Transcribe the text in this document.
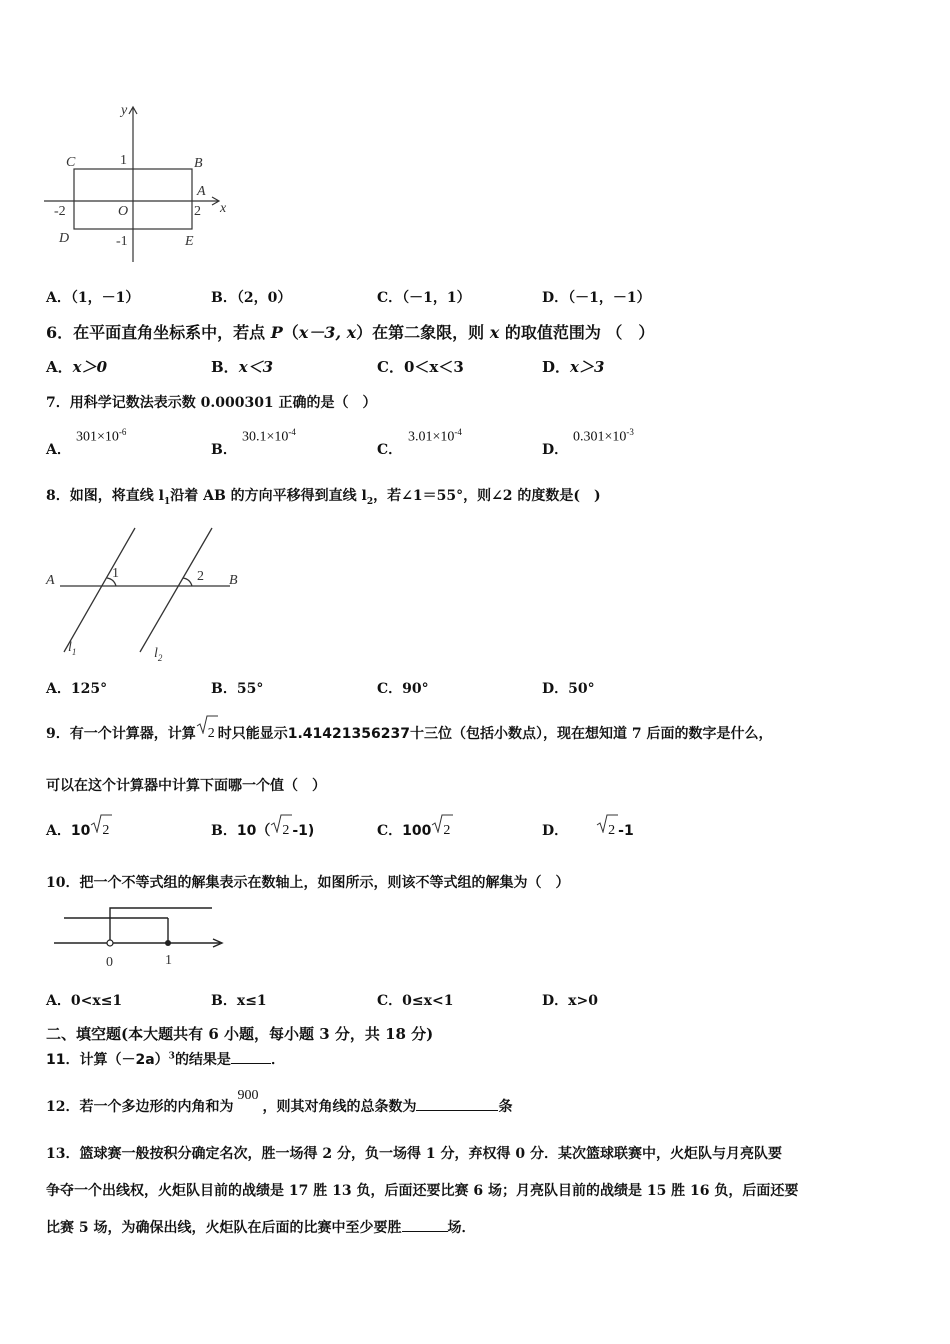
y
x
C	B
A
O
D	E
1
-2	2
-1
A．（1，－1）	B．（2，0）	C．（－1，1）	D．（－1，－1）
6．在平面直角坐标系中，若点 P（x－3, x）在第二象限，则 x 的取值范围为 （　）
A．x＞0	B．x＜3	C．0＜x＜3	D．x＞3
7．用科学记数法表示数 0.000301 正确的是（　）
A．
$301\times 10^{-6}$
B．
$30.1\times 10^{-4}$
C．
$3.01\times 10^{-4}$
D．
$0.301\times 10^{-3}$
8．如图，将直线 $l_1$沿着 AB 的方向平移得到直线 $l_2$，若∠1＝55°，则∠2 的度数是(　)
A	B
1	2
$l_1$	$l_2$
A．125°	B．55°	C．90°	D．50°
9．有一个计算器，计算 2 时只能显示1.41421356237十三位（包括小数点），现在想知道 7 后面的数字是什么，
可以在这个计算器中计算下面哪一个值（　）
A．10 2	B．10（ 2 -1)	C．100 2	D．	2 -1
10．把一个不等式组的解集表示在数轴上，如图所示，则该不等式组的解集为（　）
0	1
A．0<x≤1	B．x≤1	C．0≤x<1	D．x>0
二、填空题(本大题共有 6 小题，每小题 3 分，共 18 分)
11．计算$(-2a)^3$的结果是	．
12．若一个多边形的内角和为900，则其对角线的总条数为	条
13．篮球赛一般按积分确定名次，胜一场得 2 分，负一场得 1 分，弃权得 0 分．某次篮球联赛中，火炬队与月亮队要
争夺一个出线权，火炬队目前的战绩是 17 胜 13 负，后面还要比赛 6 场；月亮队目前的战绩是 15 胜 16 负，后面还要
比赛 5 场，为确保出线，火炬队在后面的比赛中至少要胜	场．
